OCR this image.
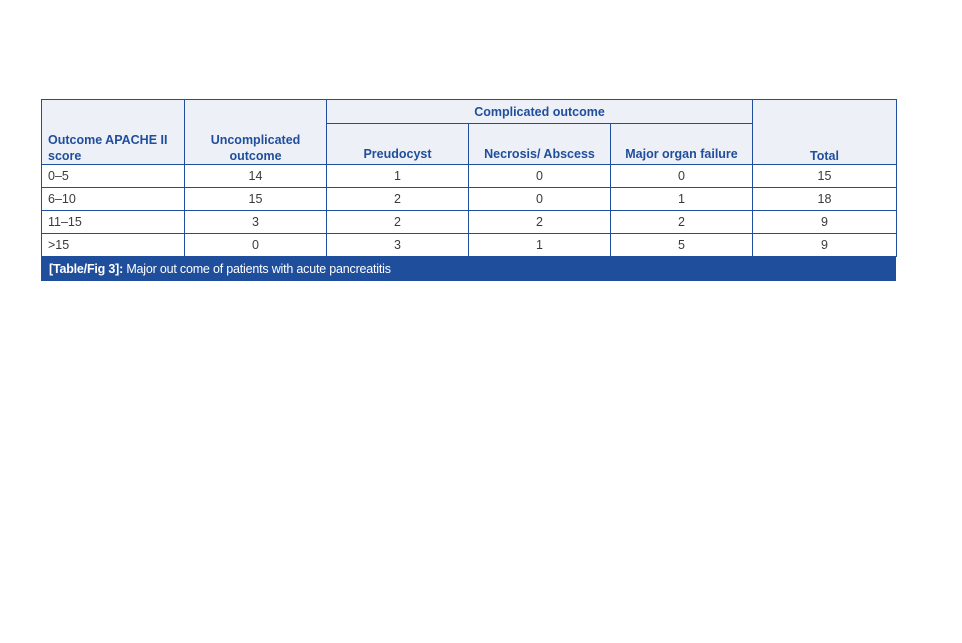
Outcome APACHE II score	Uncomplicated outcome	Complicated outcome			Total
		Preudocyst	Necrosis/ Abscess	Major organ failure	
0–5	14	1	0	0	15
6–10	15	2	0	1	18
11–15	3	2	2	2	9
>15	0	3	1	5	9
[Table/Fig 3]: Major out come of patients with acute pancreatitis
